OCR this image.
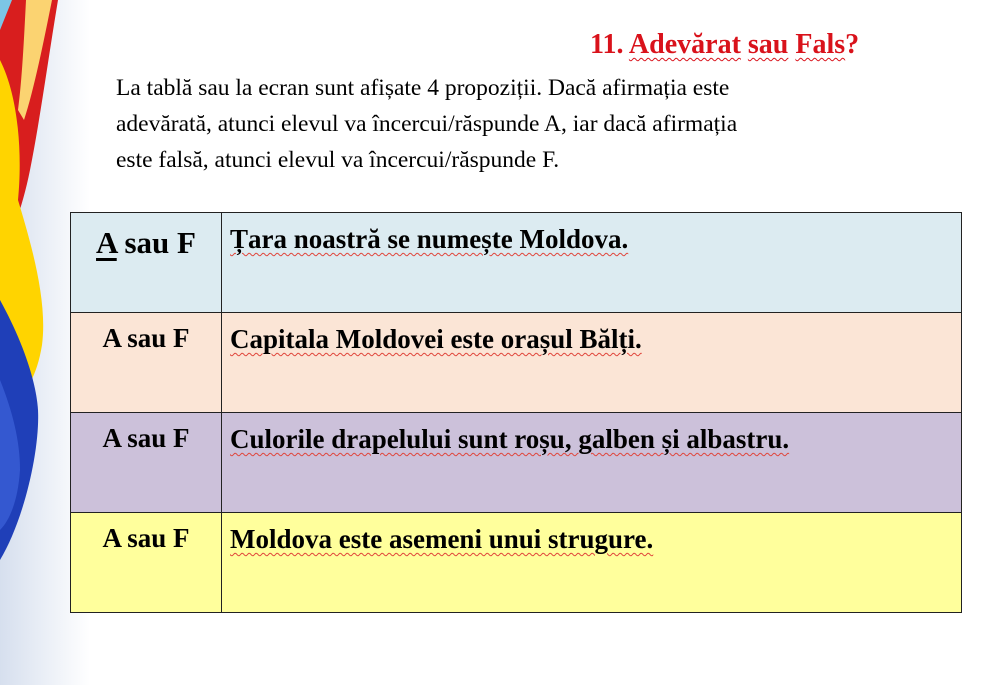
11. Adevărat sau Fals?
La tablă sau la ecran sunt afișate 4 propoziții. Dacă afirmația este
adevărată, atunci elevul va încercui/răspunde A, iar dacă afirmația
este falsă, atunci elevul va încercui/răspunde F.
A sau F	Țara noastră se numește Moldova.
A sau F	Capitala Moldovei este orașul Bălți.
A sau F	Culorile drapelului sunt roșu, galben și albastru.
A sau F	Moldova este asemeni unui strugure.
